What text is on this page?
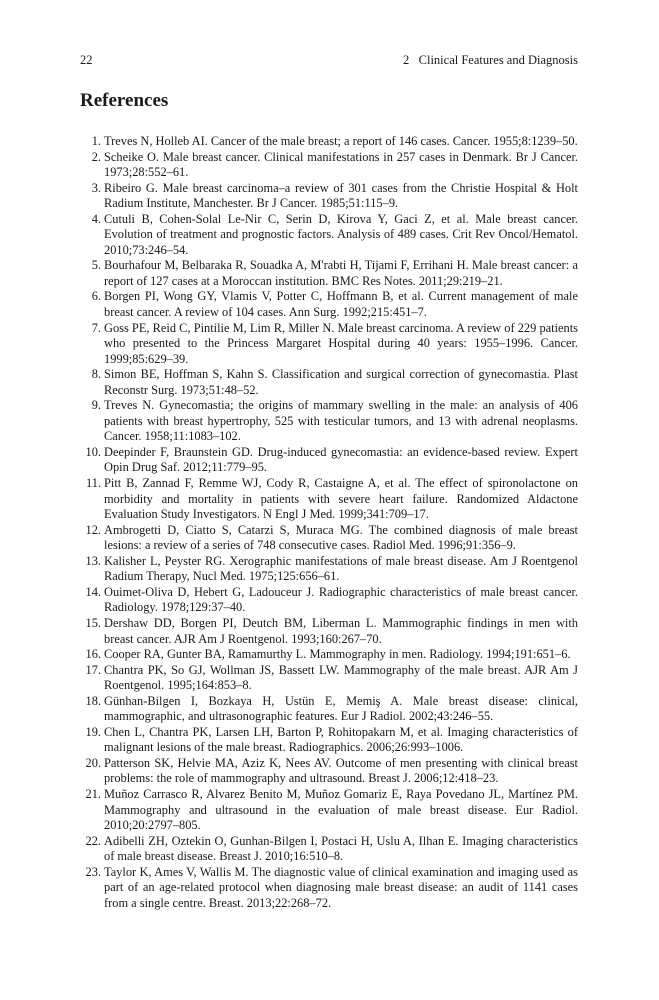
22	2   Clinical Features and Diagnosis
References
1. Treves N, Holleb AI. Cancer of the male breast; a report of 146 cases. Cancer. 1955;8:1239–50.
2. Scheike O. Male breast cancer. Clinical manifestations in 257 cases in Denmark. Br J Cancer. 1973;28:552–61.
3. Ribeiro G. Male breast carcinoma–a review of 301 cases from the Christie Hospital & Holt Radium Institute, Manchester. Br J Cancer. 1985;51:115–9.
4. Cutuli B, Cohen-Solal Le-Nir C, Serin D, Kirova Y, Gaci Z, et al. Male breast cancer. Evolution of treatment and prognostic factors. Analysis of 489 cases. Crit Rev Oncol/Hematol. 2010;73:246–54.
5. Bourhafour M, Belbaraka R, Souadka A, M'rabti H, Tijami F, Errihani H. Male breast cancer: a report of 127 cases at a Moroccan institution. BMC Res Notes. 2011;29:219–21.
6. Borgen PI, Wong GY, Vlamis V, Potter C, Hoffmann B, et al. Current management of male breast cancer. A review of 104 cases. Ann Surg. 1992;215:451–7.
7. Goss PE, Reid C, Pintilie M, Lim R, Miller N. Male breast carcinoma. A review of 229 patients who presented to the Princess Margaret Hospital during 40 years: 1955–1996. Cancer. 1999;85:629–39.
8. Simon BE, Hoffman S, Kahn S. Classification and surgical correction of gynecomastia. Plast Reconstr Surg. 1973;51:48–52.
9. Treves N. Gynecomastia; the origins of mammary swelling in the male: an analysis of 406 patients with breast hypertrophy, 525 with testicular tumors, and 13 with adrenal neoplasms. Cancer. 1958;11:1083–102.
10. Deepinder F, Braunstein GD. Drug-induced gynecomastia: an evidence-based review. Expert Opin Drug Saf. 2012;11:779–95.
11. Pitt B, Zannad F, Remme WJ, Cody R, Castaigne A, et al. The effect of spironolactone on morbidity and mortality in patients with severe heart failure. Randomized Aldactone Evaluation Study Investigators. N Engl J Med. 1999;341:709–17.
12. Ambrogetti D, Ciatto S, Catarzi S, Muraca MG. The combined diagnosis of male breast lesions: a review of a series of 748 consecutive cases. Radiol Med. 1996;91:356–9.
13. Kalisher L, Peyster RG. Xerographic manifestations of male breast disease. Am J Roentgenol Radium Therapy, Nucl Med. 1975;125:656–61.
14. Ouimet-Oliva D, Hebert G, Ladouceur J. Radiographic characteristics of male breast cancer. Radiology. 1978;129:37–40.
15. Dershaw DD, Borgen PI, Deutch BM, Liberman L. Mammographic findings in men with breast cancer. AJR Am J Roentgenol. 1993;160:267–70.
16. Cooper RA, Gunter BA, Ramamurthy L. Mammography in men. Radiology. 1994;191:651–6.
17. Chantra PK, So GJ, Wollman JS, Bassett LW. Mammography of the male breast. AJR Am J Roentgenol. 1995;164:853–8.
18. Günhan-Bilgen I, Bozkaya H, Ustün E, Memiş A. Male breast disease: clinical, mammographic, and ultrasonographic features. Eur J Radiol. 2002;43:246–55.
19. Chen L, Chantra PK, Larsen LH, Barton P, Rohitopakarn M, et al. Imaging characteristics of malignant lesions of the male breast. Radiographics. 2006;26:993–1006.
20. Patterson SK, Helvie MA, Aziz K, Nees AV. Outcome of men presenting with clinical breast problems: the role of mammography and ultrasound. Breast J. 2006;12:418–23.
21. Muñoz Carrasco R, Alvarez Benito M, Muñoz Gomariz E, Raya Povedano JL, Martínez PM. Mammography and ultrasound in the evaluation of male breast disease. Eur Radiol. 2010;20:2797–805.
22. Adibelli ZH, Oztekin O, Gunhan-Bilgen I, Postaci H, Uslu A, Ilhan E. Imaging characteristics of male breast disease. Breast J. 2010;16:510–8.
23. Taylor K, Ames V, Wallis M. The diagnostic value of clinical examination and imaging used as part of an age-related protocol when diagnosing male breast disease: an audit of 1141 cases from a single centre. Breast. 2013;22:268–72.
